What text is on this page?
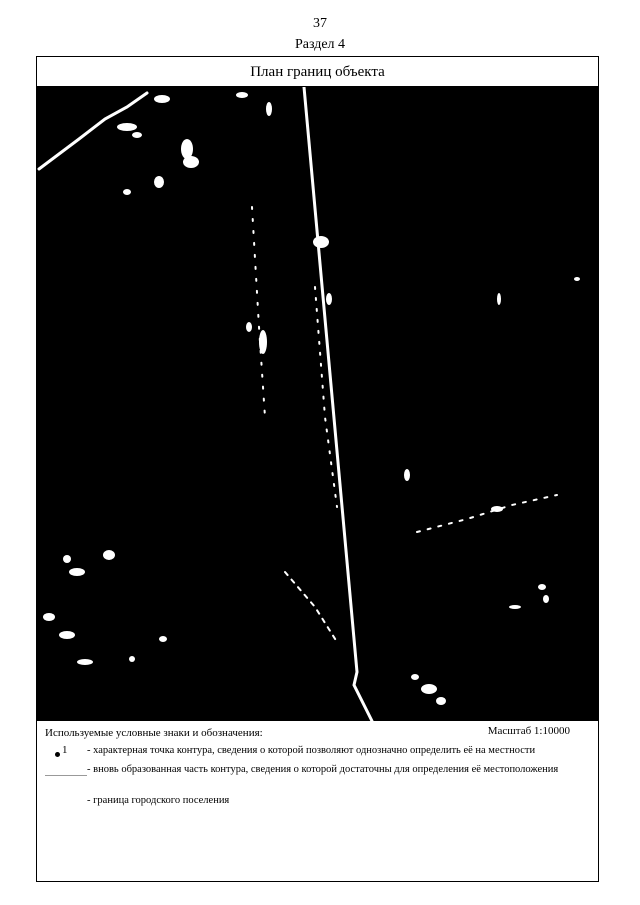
37
Раздел 4
План границ объекта
Используемые условные знаки и обозначения:	Масштаб 1:10000
1 - характерная точка контура, сведения о которой позволяют однозначно определить её на местности
- вновь образованная часть контура, сведения о которой достаточны для определения её местоположения
- граница городского поселения
